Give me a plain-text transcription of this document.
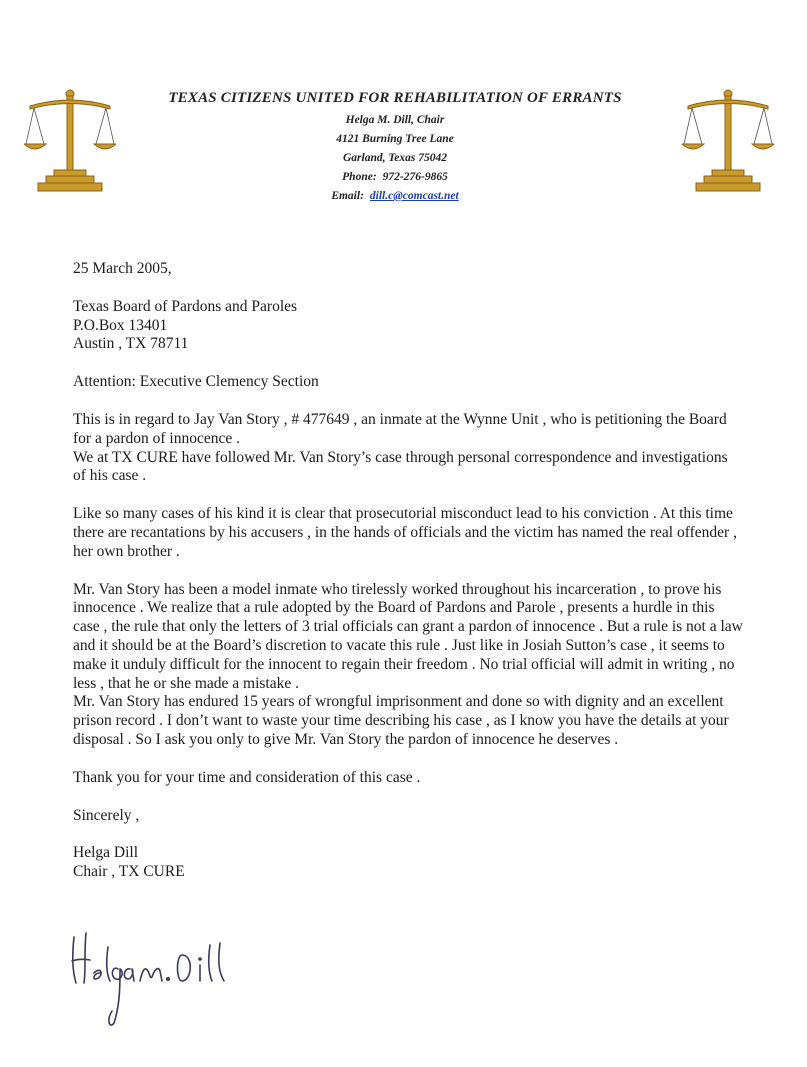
TEXAS CITIZENS UNITED FOR REHABILITATION OF ERRANTS

Helga M. Dill, Chair

4121 Burning Tree Lane

Garland, Texas 75042

Phone: 972-276-9865

Email: dill.c@comcast.net

25 March 2005,

Texas Board of Pardons and Paroles

P.O.Box 13401

Austin , TX 78711

Attention: Executive Clemency Section

This is in regard to Jay Van Story , # 477649 , an inmate at the Wynne Unit , who is petitioning the Board for a pardon of innocence .

We at TX CURE have followed Mr. Van Story’s case through personal correspondence and investigations of his case .

Like so many cases of his kind it is clear that prosecutorial misconduct lead to his conviction . At this time there are recantations by his accusers , in the hands of officials and the victim has named the real offender , her own brother .

Mr. Van Story has been a model inmate who tirelessly worked throughout his incarceration , to prove his innocence . We realize that a rule adopted by the Board of Pardons and Parole , presents a hurdle in this case , the rule that only the letters of 3 trial officials can grant a pardon of innocence . But a rule is not a law and it should be at the Board’s discretion to vacate this rule . Just like in Josiah Sutton’s case , it seems to make it unduly difficult for the innocent to regain their freedom . No trial official will admit in writing , no less , that he or she made a mistake .

Mr. Van Story has endured 15 years of wrongful imprisonment and done so with dignity and an excellent prison record . I don’t want to waste your time describing his case , as I know you have the details at your disposal . So I ask you only to give Mr. Van Story the pardon of innocence he deserves .

Thank you for your time and consideration of this case .

Sincerely ,

Helga Dill

Chair , TX CURE
